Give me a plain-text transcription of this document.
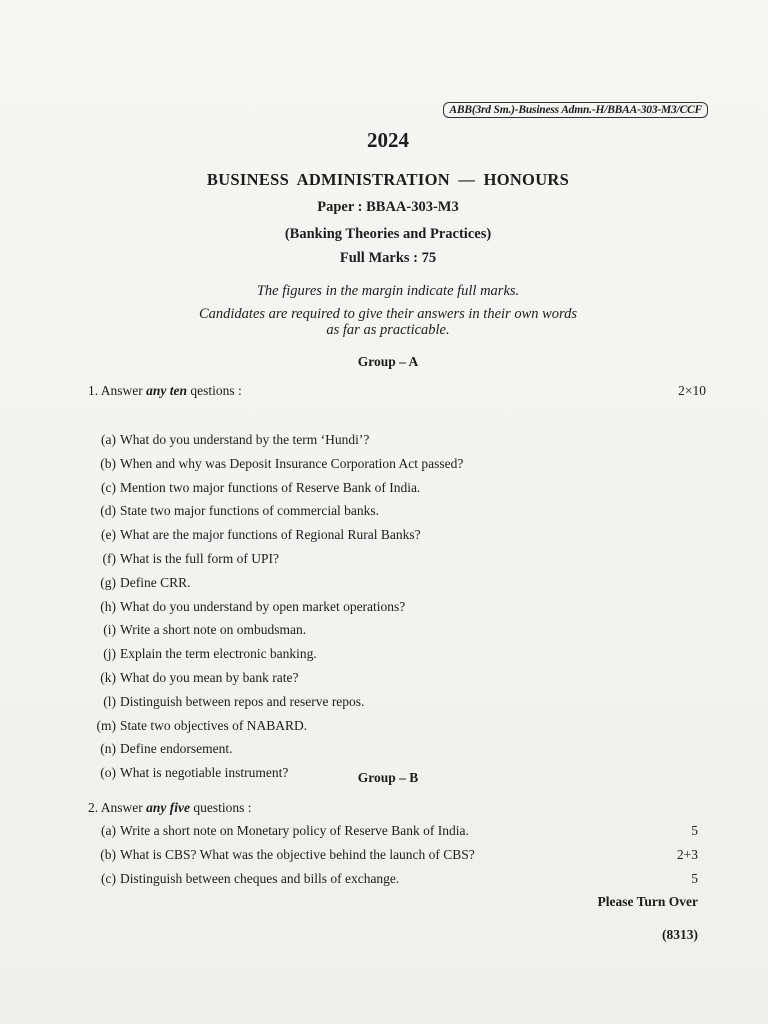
ABB(3rd Sm.)-Business Admn.-H/BBAA-303-M3/CCF
2024
BUSINESS ADMINISTRATION — HONOURS
Paper : BBAA-303-M3
(Banking Theories and Practices)
Full Marks : 75
The figures in the margin indicate full marks.
Candidates are required to give their answers in their own words
as far as practicable.
Group – A
1. Answer any ten qestions :	2×10
(a) What do you understand by the term ‘Hundi’?
(b) When and why was Deposit Insurance Corporation Act passed?
(c) Mention two major functions of Reserve Bank of India.
(d) State two major functions of commercial banks.
(e) What are the major functions of Regional Rural Banks?
(f) What is the full form of UPI?
(g) Define CRR.
(h) What do you understand by open market operations?
(i) Write a short note on ombudsman.
(j) Explain the term electronic banking.
(k) What do you mean by bank rate?
(l) Distinguish between repos and reserve repos.
(m) State two objectives of NABARD.
(n) Define endorsement.
(o) What is negotiable instrument?	Group – B
2. Answer any five questions :
(a) Write a short note on Monetary policy of Reserve Bank of India.	5
(b) What is CBS? What was the objective behind the launch of CBS?	2+3
(c) Distinguish between cheques and bills of exchange.	5
Please Turn Over
(8313)
